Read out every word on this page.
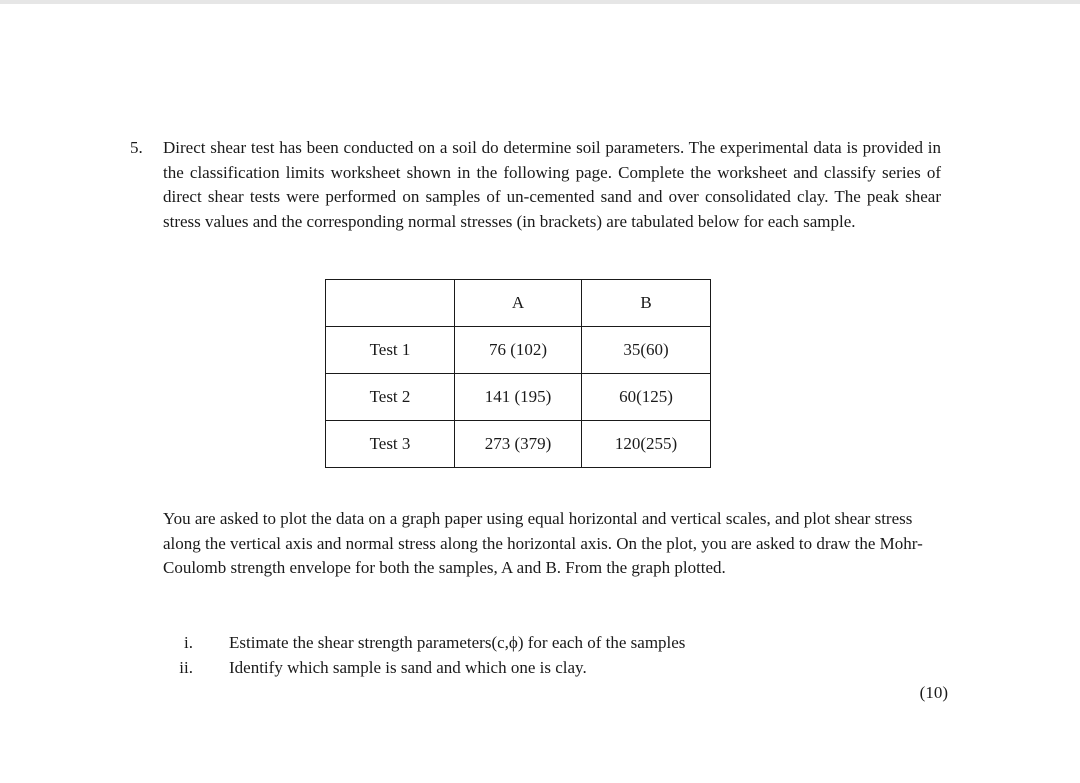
5. Direct shear test has been conducted on a soil do determine soil parameters. The experimental data is provided in the classification limits worksheet shown in the following page. Complete the worksheet and classify series of direct shear tests were performed on samples of un-cemented sand and over consolidated clay. The peak shear stress values and the corresponding normal stresses (in brackets) are tabulated below for each sample.

	A	B
Test 1	76 (102)	35(60)
Test 2	141 (195)	60(125)
Test 3	273 (379)	120(255)

You are asked to plot the data on a graph paper using equal horizontal and vertical scales, and plot shear stress along the vertical axis and normal stress along the horizontal axis. On the plot, you are asked to draw the Mohr-Coulomb strength envelope for both the samples, A and B. From the graph plotted.

i. Estimate the shear strength parameters(c,ϕ) for each of the samples
ii. Identify which sample is sand and which one is clay.
(10)
